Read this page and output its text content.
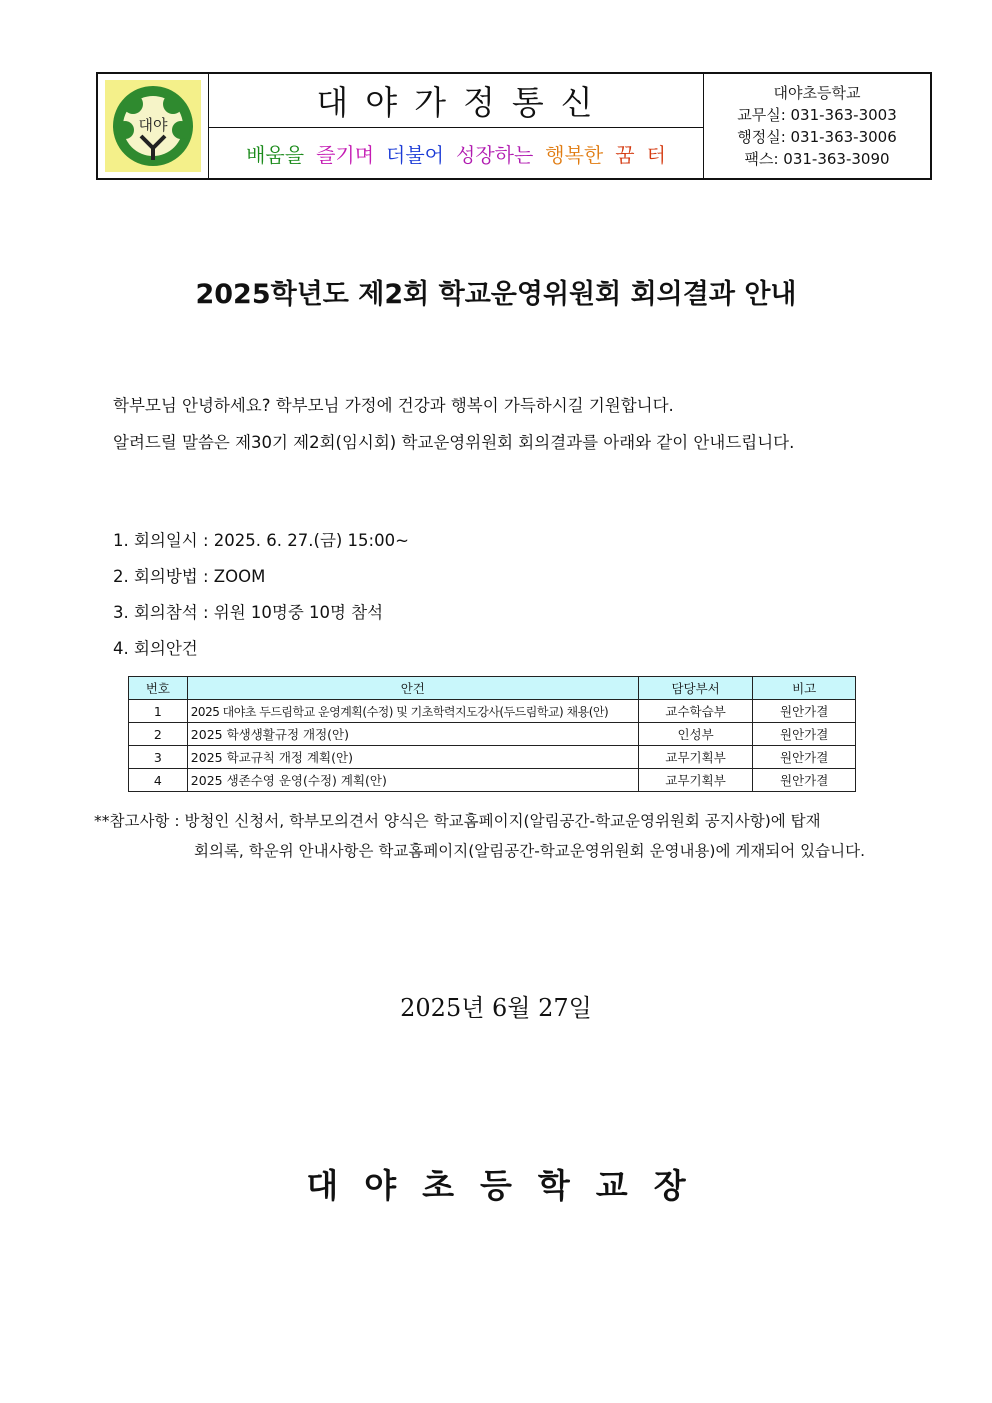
대야
대야가정통신
배움을 즐기며 더불어 성장하는 행복한 꿈 터
대야초등학교
교무실: 031-363-3003
행정실: 031-363-3006
팩스: 031-363-3090
2025학년도 제2회 학교운영위원회 회의결과 안내
학부모님 안녕하세요? 학부모님 가정에 건강과 행복이 가득하시길 기원합니다.
알려드릴 말씀은 제30기 제2회(임시회) 학교운영위원회 회의결과를 아래와 같이 안내드립니다.
1. 회의일시 : 2025. 6. 27.(금) 15:00~
2. 회의방법 : ZOOM
3. 회의참석 : 위원 10명중 10명 참석
4. 회의안건
번호	안건	담당부서	비고
1	2025 대야초 두드림학교 운영계획(수정) 및 기초학력지도강사(두드림학교) 채용(안)	교수학습부	원안가결
2	2025 학생생활규정 개정(안)	인성부	원안가결
3	2025 학교규칙 개정 계획(안)	교무기획부	원안가결
4	2025 생존수영 운영(수정) 계획(안)	교무기획부	원안가결
**참고사항 : 방청인 신청서, 학부모의견서 양식은 학교홈페이지(알림공간-학교운영위원회 공지사항)에 탑재
회의록, 학운위 안내사항은 학교홈페이지(알림공간-학교운영위원회 운영내용)에 게재되어 있습니다.
2025년 6월 27일
대야초등학교장
